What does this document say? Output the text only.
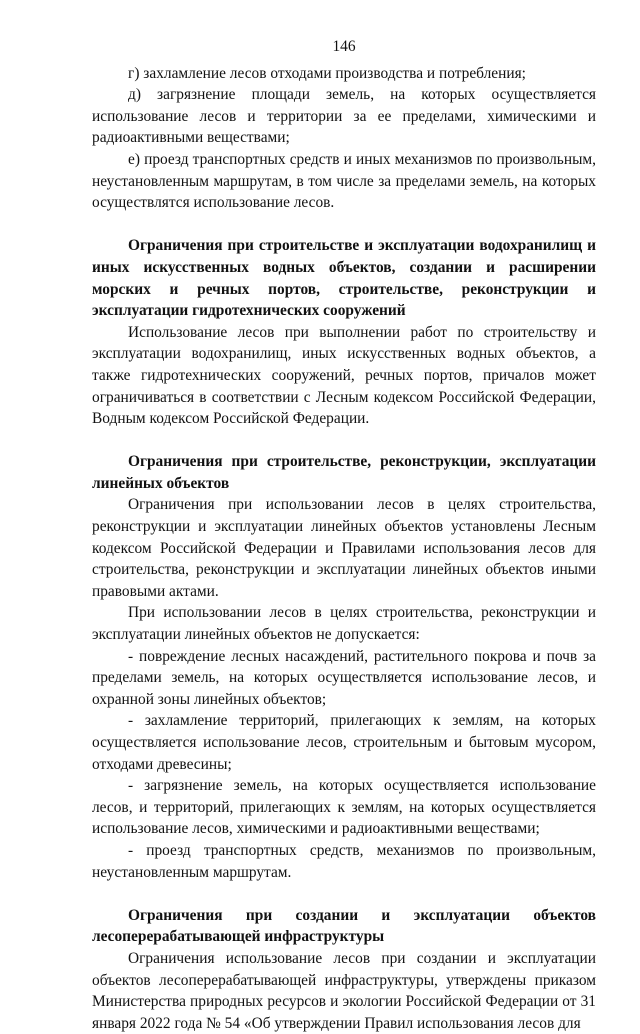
146

г) захламление лесов отходами производства и потребления;

д) загрязнение площади земель, на которых осуществляется использование лесов и территории за ее пределами, химическими и радиоактивными веществами;

е) проезд транспортных средств и иных механизмов по произвольным, неустановленным маршрутам, в том числе за пределами земель, на которых осуществлятся использование лесов.

Ограничения при строительстве и эксплуатации водохранилищ и иных искусственных водных объектов, создании и расширении морских и речных портов, строительстве, реконструкции и эксплуатации гидротехнических сооружений

Использование лесов при выполнении работ по строительству и эксплуатации водохранилищ, иных искусственных водных объектов, а также гидротехнических сооружений, речных портов, причалов может ограничиваться в соответствии с Лесным кодексом Российской Федерации, Водным кодексом Российской Федерации.

Ограничения при строительстве, реконструкции, эксплуатации линейных объектов

Ограничения при использовании лесов в целях строительства, реконструкции и эксплуатации линейных объектов установлены Лесным кодексом Российской Федерации и Правилами использования лесов для строительства, реконструкции и эксплуатации линейных объектов иными правовыми актами.

При использовании лесов в целях строительства, реконструкции и эксплуатации линейных объектов не допускается:

- повреждение лесных насаждений, растительного покрова и почв за пределами земель, на которых осуществляется использование лесов, и охранной зоны линейных объектов;

- захламление территорий, прилегающих к землям, на которых осуществляется использование лесов, строительным и бытовым мусором, отходами древесины;

- загрязнение земель, на которых осуществляется использование лесов, и территорий, прилегающих к землям, на которых осуществляется использование лесов, химическими и радиоактивными веществами;

- проезд транспортных средств, механизмов по произвольным, неустановленным маршрутам.

Ограничения при создании и эксплуатации объектов лесоперерабатывающей инфраструктуры

Ограничения использование лесов при создании и эксплуатации объектов лесоперерабатывающей инфраструктуры, утверждены приказом Министерства природных ресурсов и экологии Российской Федерации от 31 января 2022 года № 54 «Об утверждении Правил использования лесов для
